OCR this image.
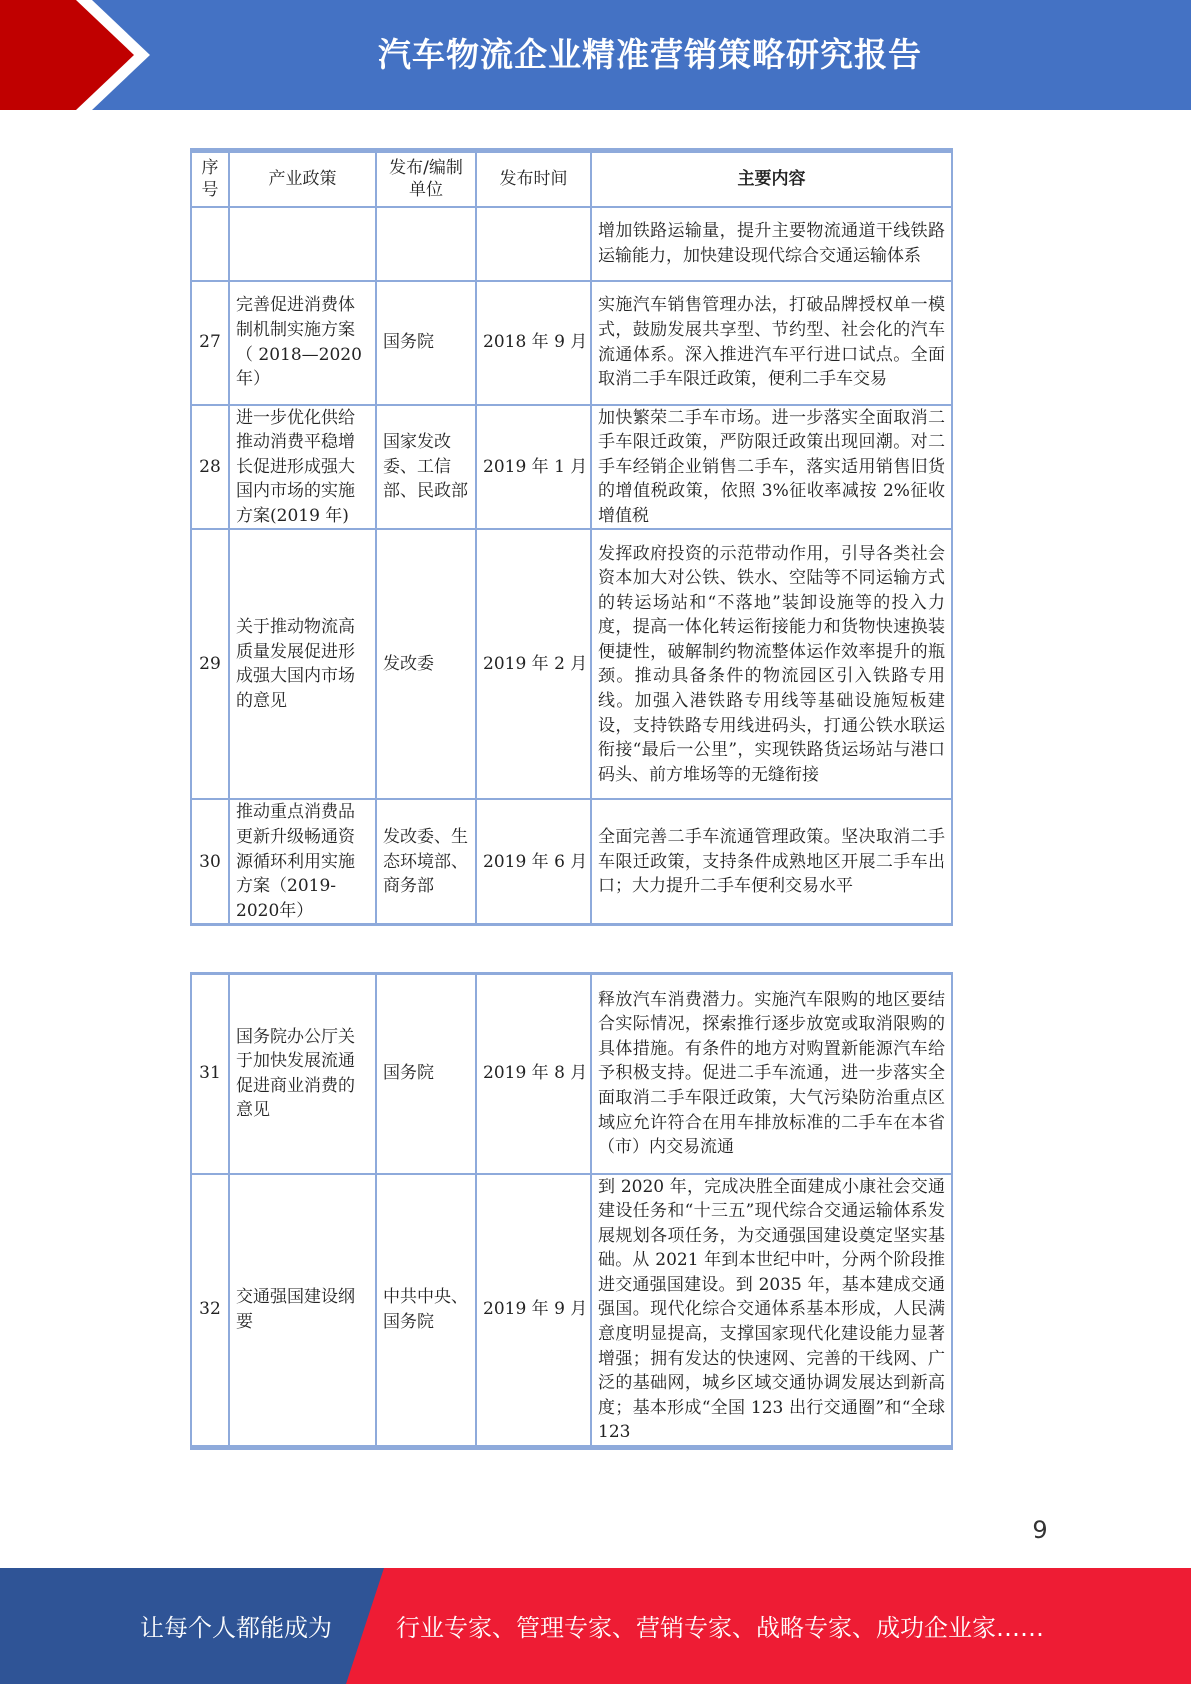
汽车物流企业精准营销策略研究报告
序号	产业政策	发布/编制单位	发布时间	主要内容
				增加铁路运输量，提升主要物流通道干线铁路运输能力，加快建设现代综合交通运输体系
27	完善促进消费体制机制实施方案（ 2018—2020年）	国务院	2018 年 9 月	实施汽车销售管理办法，打破品牌授权单一模式，鼓励发展共享型、节约型、社会化的汽车流通体系。深入推进汽车平行进口试点。全面取消二手车限迁政策，便利二手车交易
28	进一步优化供给推动消费平稳增长促进形成强大国内市场的实施方案(2019 年)	国家发改委、工信部、民政部	2019 年 1 月	加快繁荣二手车市场。进一步落实全面取消二手车限迁政策，严防限迁政策出现回潮。对二手车经销企业销售二手车，落实适用销售旧货的增值税政策，依照 3%征收率减按 2%征收增值税
29	关于推动物流高质量发展促进形成强大国内市场的意见	发改委	2019 年 2 月	发挥政府投资的示范带动作用，引导各类社会资本加大对公铁、铁水、空陆等不同运输方式的转运场站和“不落地”装卸设施等的投入力度，提高一体化转运衔接能力和货物快速换装便捷性，破解制约物流整体运作效率提升的瓶颈。推动具备条件的物流园区引入铁路专用线。加强入港铁路专用线等基础设施短板建设，支持铁路专用线进码头，打通公铁水联运衔接“最后一公里”，实现铁路货运场站与港口码头、前方堆场等的无缝衔接
30	推动重点消费品更新升级畅通资源循环利用实施方案（2019-2020年）	发改委、生态环境部、商务部	2019 年 6 月	全面完善二手车流通管理政策。坚决取消二手车限迁政策，支持条件成熟地区开展二手车出口；大力提升二手车便利交易水平
31	国务院办公厅关于加快发展流通促进商业消费的意见	国务院	2019 年 8 月	释放汽车消费潜力。实施汽车限购的地区要结合实际情况，探索推行逐步放宽或取消限购的具体措施。有条件的地方对购置新能源汽车给予积极支持。促进二手车流通，进一步落实全面取消二手车限迁政策，大气污染防治重点区域应允许符合在用车排放标准的二手车在本省（市）内交易流通
32	交通强国建设纲要	中共中央、国务院	2019 年 9 月	到 2020 年，完成决胜全面建成小康社会交通建设任务和“十三五”现代综合交通运输体系发展规划各项任务，为交通强国建设奠定坚实基础。从 2021 年到本世纪中叶，分两个阶段推进交通强国建设。到 2035 年，基本建成交通强国。现代化综合交通体系基本形成，人民满意度明显提高，支撑国家现代化建设能力显著增强；拥有发达的快速网、完善的干线网、广泛的基础网，城乡区域交通协调发展达到新高度；基本形成“全国 123 出行交通圈”和“全球 123
9
让每个人都能成为	行业专家、管理专家、营销专家、战略专家、成功企业家……
